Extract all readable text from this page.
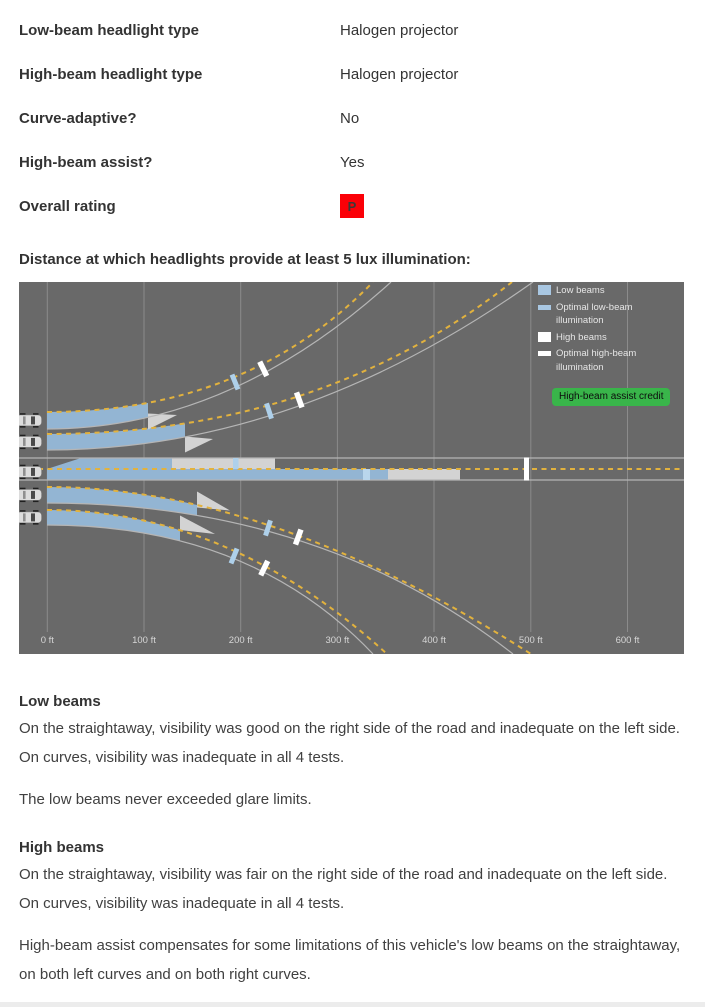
Low-beam headlight type	Halogen projector
High-beam headlight type	Halogen projector
Curve-adaptive?	No
High-beam assist?	Yes
Overall rating	P
Distance at which headlights provide at least 5 lux illumination:
0 ft	100 ft	200 ft	300 ft	400 ft	500 ft	600 ft
Low beams
Optimal low-beam illumination
High beams
Optimal high-beam illumination
High-beam assist credit

Low beams

On the straightaway, visibility was good on the right side of the road and inadequate on the left side. On curves, visibility was inadequate in all 4 tests.

The low beams never exceeded glare limits.

High beams

On the straightaway, visibility was fair on the right side of the road and inadequate on the left side. On curves, visibility was inadequate in all 4 tests.

High-beam assist compensates for some limitations of this vehicle's low beams on the straightaway, on both left curves and on both right curves.
